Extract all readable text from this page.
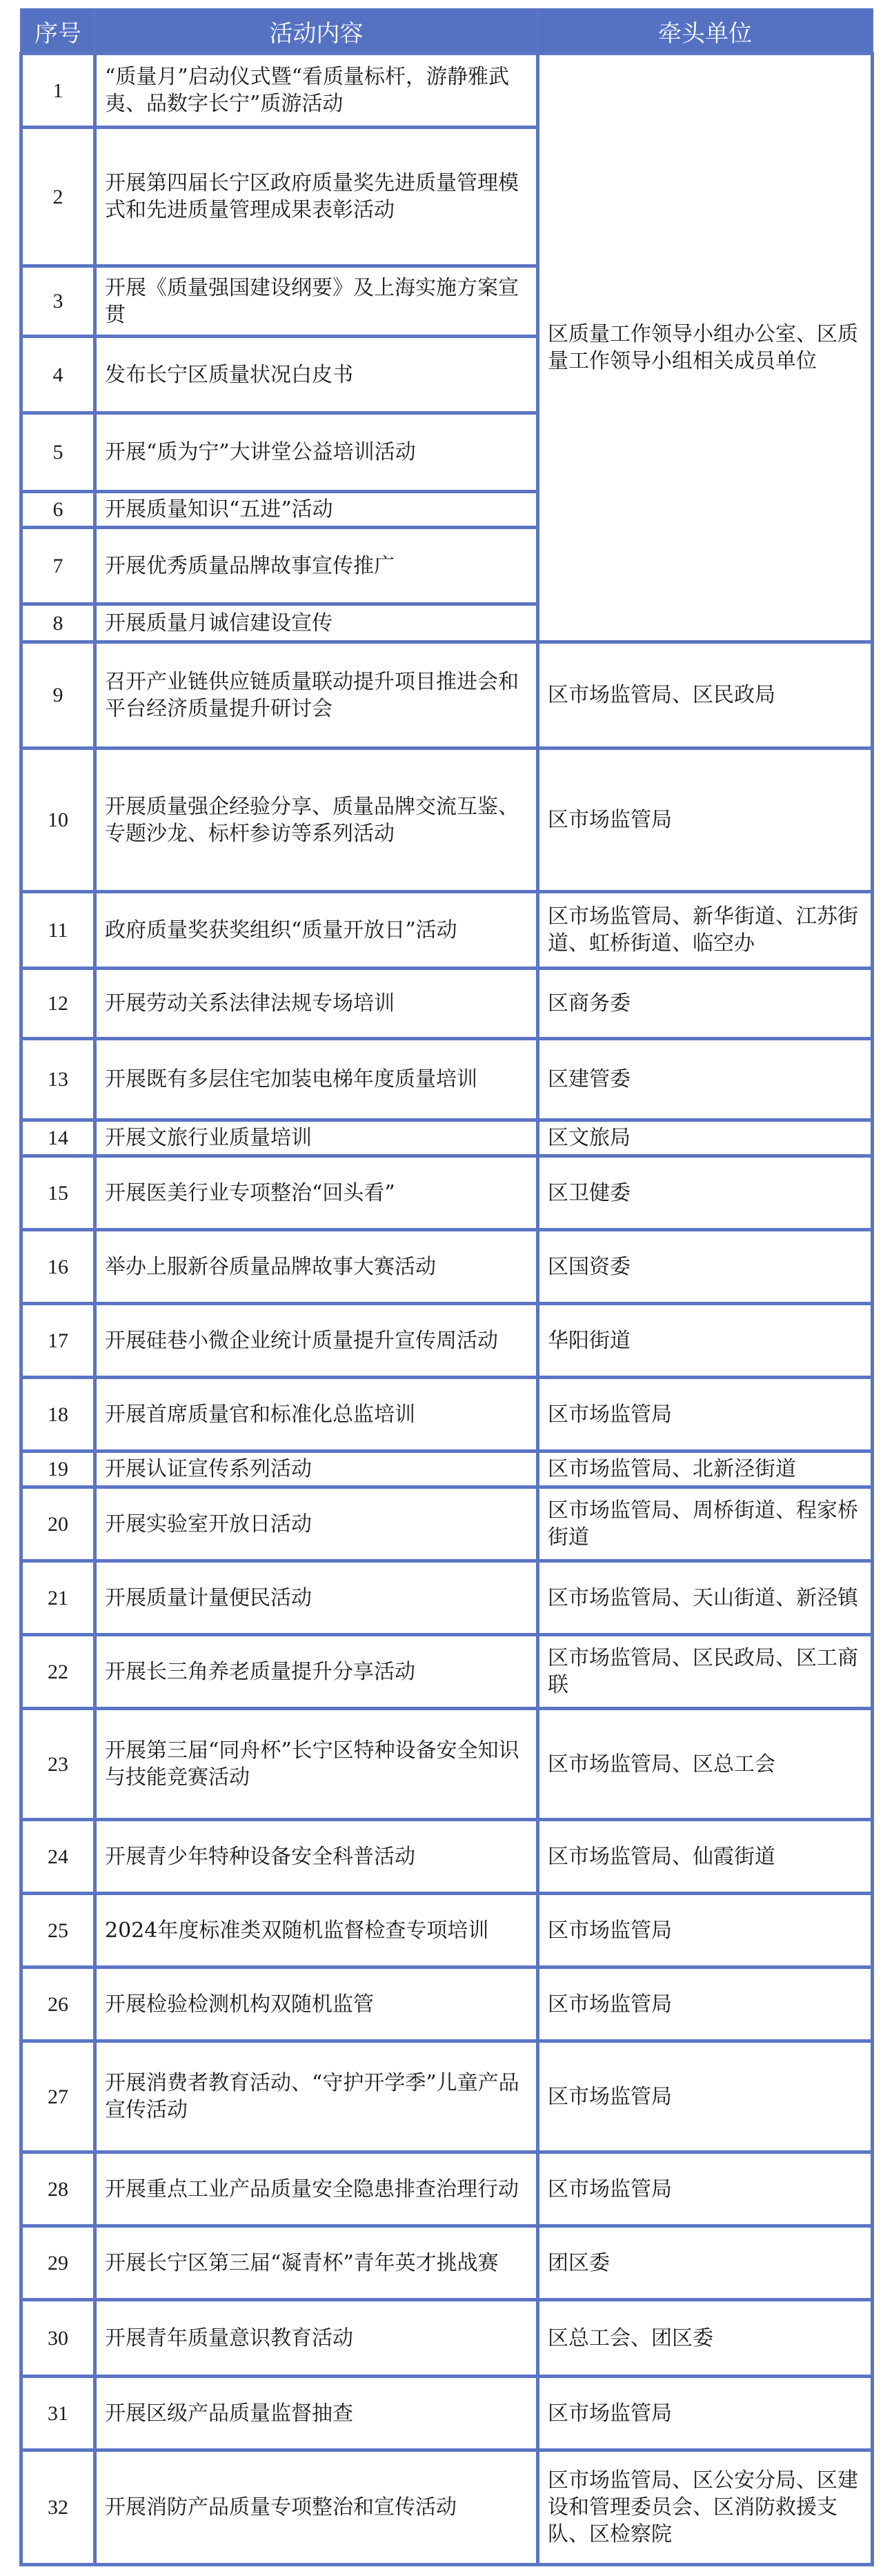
序号	活动内容	牵头单位
1	“质量月”启动仪式暨“看质量标杆，游静雅武夷、品数字长宁”质游活动	区质量工作领导小组办公室、区质量工作领导小组相关成员单位
2	开展第四届长宁区政府质量奖先进质量管理模式和先进质量管理成果表彰活动	
3	开展《质量强国建设纲要》及上海实施方案宣贯	
4	发布长宁区质量状况白皮书	
5	开展“质为宁”大讲堂公益培训活动	
6	开展质量知识“五进”活动	
7	开展优秀质量品牌故事宣传推广	
8	开展质量月诚信建设宣传	
9	召开产业链供应链质量联动提升项目推进会和平台经济质量提升研讨会	区市场监管局、区民政局
10	开展质量强企经验分享、质量品牌交流互鉴、专题沙龙、标杆参访等系列活动	区市场监管局
11	政府质量奖获奖组织“质量开放日”活动	区市场监管局、新华街道、江苏街道、虹桥街道、临空办
12	开展劳动关系法律法规专场培训	区商务委
13	开展既有多层住宅加装电梯年度质量培训	区建管委
14	开展文旅行业质量培训	区文旅局
15	开展医美行业专项整治“回头看”	区卫健委
16	举办上服新谷质量品牌故事大赛活动	区国资委
17	开展硅巷小微企业统计质量提升宣传周活动	华阳街道
18	开展首席质量官和标准化总监培训	区市场监管局
19	开展认证宣传系列活动	区市场监管局、北新泾街道
20	开展实验室开放日活动	区市场监管局、周桥街道、程家桥街道
21	开展质量计量便民活动	区市场监管局、天山街道、新泾镇
22	开展长三角养老质量提升分享活动	区市场监管局、区民政局、区工商联
23	开展第三届“同舟杯”长宁区特种设备安全知识与技能竞赛活动	区市场监管局、区总工会
24	开展青少年特种设备安全科普活动	区市场监管局、仙霞街道
25	2024年度标准类双随机监督检查专项培训	区市场监管局
26	开展检验检测机构双随机监管	区市场监管局
27	开展消费者教育活动、“守护开学季”儿童产品宣传活动	区市场监管局
28	开展重点工业产品质量安全隐患排查治理行动	区市场监管局
29	开展长宁区第三届“凝青杯”青年英才挑战赛	团区委
30	开展青年质量意识教育活动	区总工会、团区委
31	开展区级产品质量监督抽查	区市场监管局
32	开展消防产品质量专项整治和宣传活动	区市场监管局、区公安分局、区建设和管理委员会、区消防救援支队、区检察院
